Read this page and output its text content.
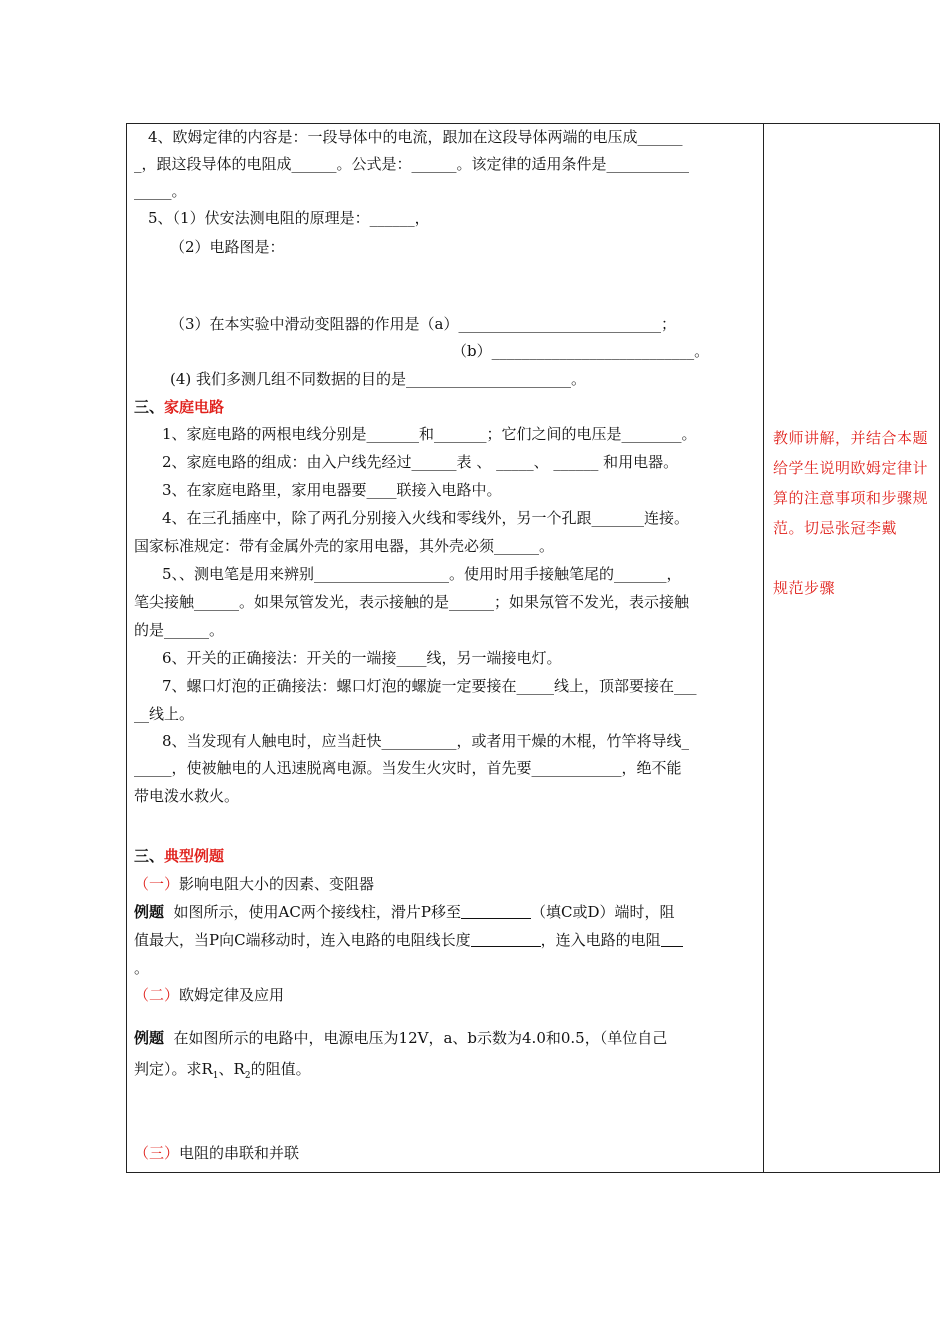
4、欧姆定律的内容是：一段导体中的电流，跟加在这段导体两端的电压成______
_，跟这段导体的电阻成______。公式是：______。该定律的适用条件是___________
_____。
5、（1）伏安法测电阻的原理是：______，
（2）电路图是：
（3）在本实验中滑动变阻器的作用是（a）___________________________；
（b）___________________________。
(4) 我们多测几组不同数据的目的是______________________。
三、家庭电路
1、家庭电路的两根电线分别是_______和_______；它们之间的电压是________。
2、家庭电路的组成：由入户线先经过______表 、 _____、 ______ 和用电器。
3、在家庭电路里，家用电器要____联接入电路中。
4、在三孔插座中，除了两孔分别接入火线和零线外，另一个孔跟_______连接。
国家标准规定：带有金属外壳的家用电器，其外壳必须______。
5、、测电笔是用来辨别__________________。使用时用手接触笔尾的_______，
笔尖接触______。如果氖管发光，表示接触的是______；如果氖管不发光，表示接触
的是______。
6、开关的正确接法：开关的一端接____线，另一端接电灯。
7、螺口灯泡的正确接法：螺口灯泡的螺旋一定要接在_____线上，顶部要接在___
__线上。
8、当发现有人触电时，应当赶快__________，或者用干燥的木棍，竹竿将导线_
_____，使被触电的人迅速脱离电源。当发生火灾时，首先要____________，绝不能
带电泼水救火。
三、典型例题
（一）影响电阻大小的因素、变阻器
例题  如图所示，使用AC两个接线柱，滑片P移至	（填C或D）端时，阻
值最大，当P向C端移动时，连入电路的电阻线长度	，连入电路的电阻
。
（二）欧姆定律及应用
例题  在如图所示的电路中，电源电压为12V，a、b示数为4.0和0.5，（单位自己
判定）。求$R_1$、$R_2$的阻值。
（三）电阻的串联和并联
教师讲解，并结合本题给学生说明欧姆定律计算的注意事项和步骤规范。切忌张冠李戴
规范步骤
